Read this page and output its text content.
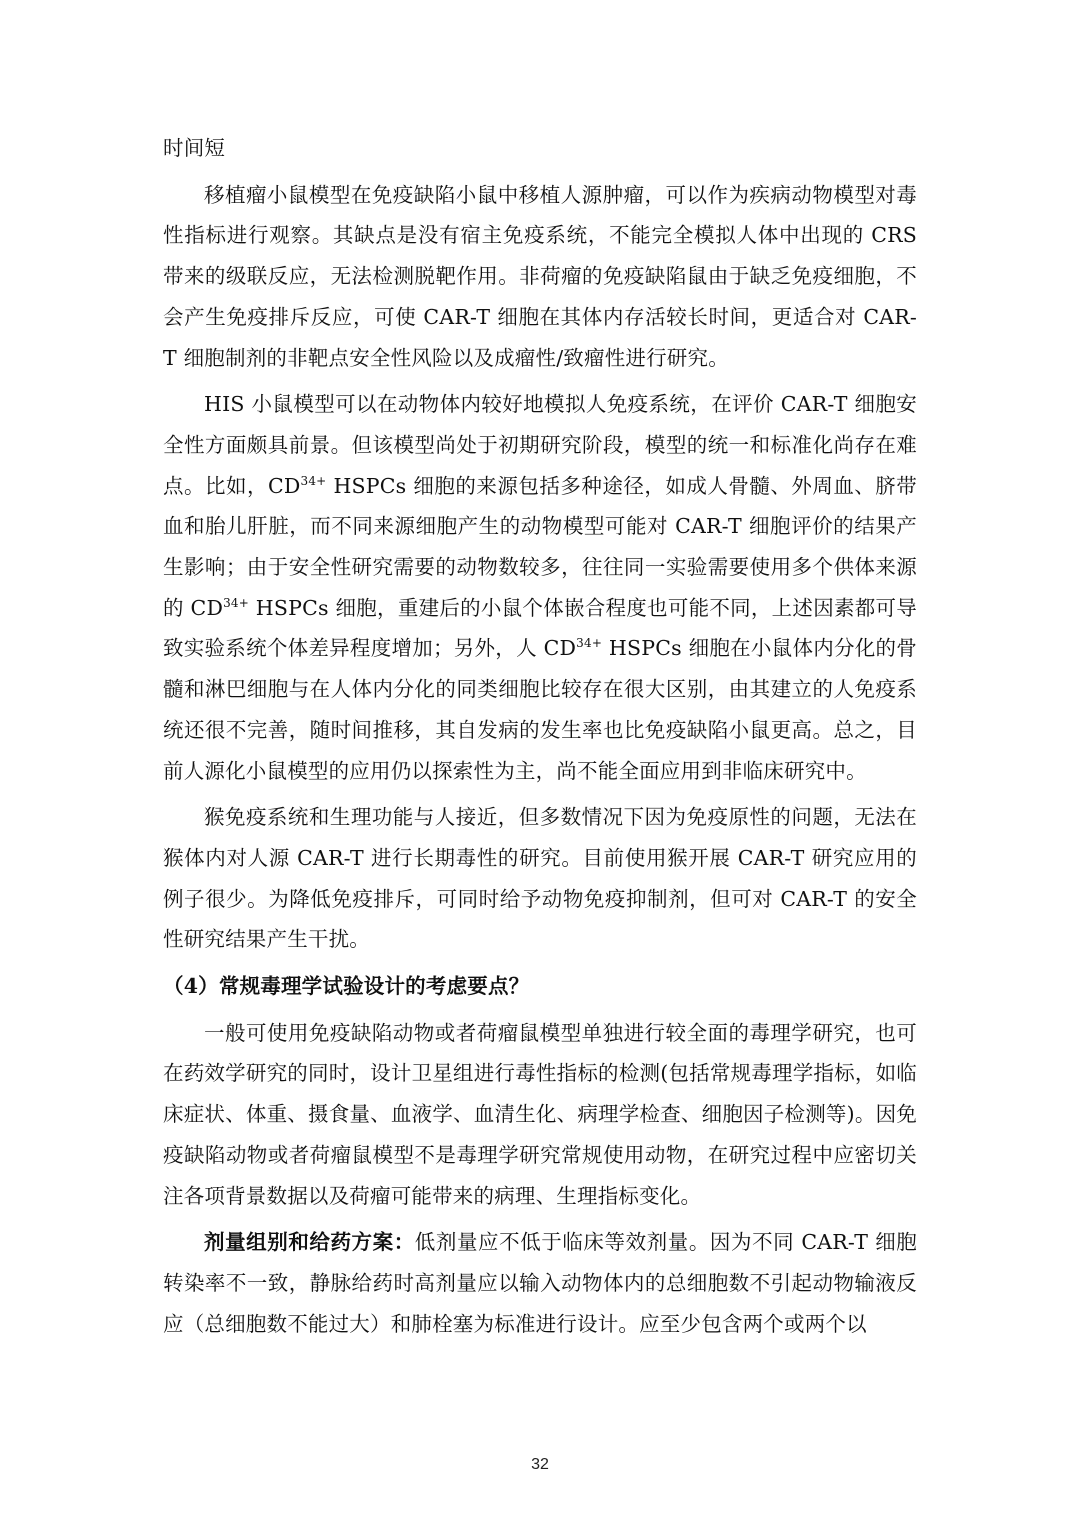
时间短

移植瘤小鼠模型在免疫缺陷小鼠中移植人源肿瘤，可以作为疾病动物模型对毒性指标进行观察。其缺点是没有宿主免疫系统，不能完全模拟人体中出现的 CRS 带来的级联反应，无法检测脱靶作用。非荷瘤的免疫缺陷鼠由于缺乏免疫细胞，不会产生免疫排斥反应，可使 CAR-T 细胞在其体内存活较长时间，更适合对 CAR-T 细胞制剂的非靶点安全性风险以及成瘤性/致瘤性进行研究。

HIS 小鼠模型可以在动物体内较好地模拟人免疫系统，在评价 CAR-T 细胞安全性方面颇具前景。但该模型尚处于初期研究阶段，模型的统一和标准化尚存在难点。比如，$CD^{34+}$ HSPCs 细胞的来源包括多种途径，如成人骨髓、外周血、脐带血和胎儿肝脏，而不同来源细胞产生的动物模型可能对 CAR-T 细胞评价的结果产生影响；由于安全性研究需要的动物数较多，往往同一实验需要使用多个供体来源的 $CD^{34+}$ HSPCs 细胞，重建后的小鼠个体嵌合程度也可能不同，上述因素都可导致实验系统个体差异程度增加；另外，人 $CD^{34+}$ HSPCs 细胞在小鼠体内分化的骨髓和淋巴细胞与在人体内分化的同类细胞比较存在很大区别，由其建立的人免疫系统还很不完善，随时间推移，其自发病的发生率也比免疫缺陷小鼠更高。总之，目前人源化小鼠模型的应用仍以探索性为主，尚不能全面应用到非临床研究中。

猴免疫系统和生理功能与人接近，但多数情况下因为免疫原性的问题，无法在猴体内对人源 CAR-T 进行长期毒性的研究。目前使用猴开展 CAR-T 研究应用的例子很少。为降低免疫排斥，可同时给予动物免疫抑制剂，但可对 CAR-T 的安全性研究结果产生干扰。

（4）常规毒理学试验设计的考虑要点？

一般可使用免疫缺陷动物或者荷瘤鼠模型单独进行较全面的毒理学研究，也可在药效学研究的同时，设计卫星组进行毒性指标的检测(包括常规毒理学指标，如临床症状、体重、摄食量、血液学、血清生化、病理学检查、细胞因子检测等)。因免疫缺陷动物或者荷瘤鼠模型不是毒理学研究常规使用动物，在研究过程中应密切关注各项背景数据以及荷瘤可能带来的病理、生理指标变化。

剂量组别和给药方案：低剂量应不低于临床等效剂量。因为不同 CAR-T 细胞转染率不一致，静脉给药时高剂量应以输入动物体内的总细胞数不引起动物输液反应（总细胞数不能过大）和肺栓塞为标准进行设计。应至少包含两个或两个以

32
